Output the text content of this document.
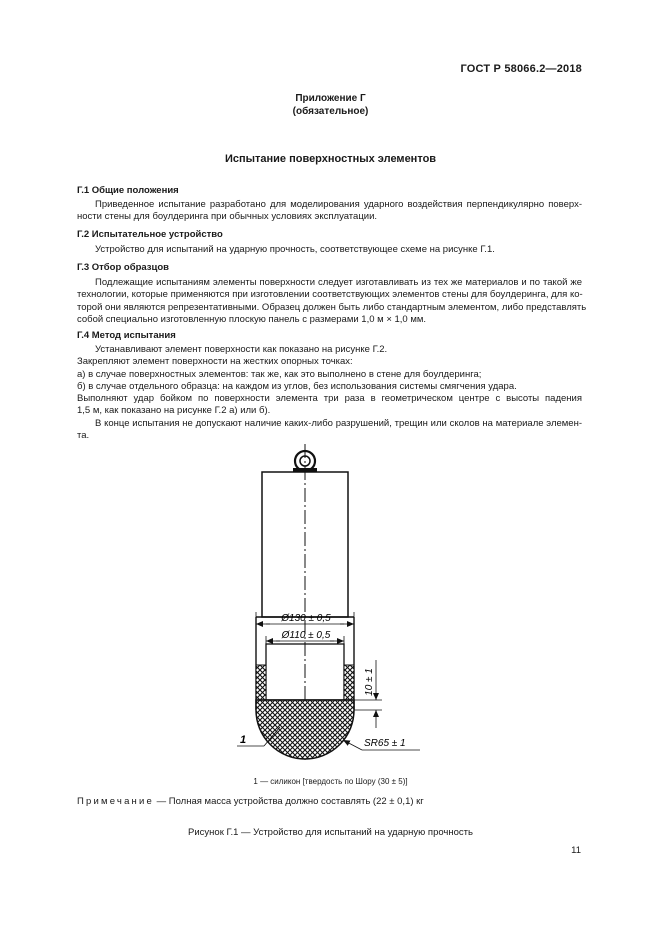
ГОСТ Р 58066.2—2018
Приложение Г
(обязательное)
Испытание поверхностных элементов
Г.1 Общие положения
Приведенное испытание разработано для моделирования ударного воздействия перпендикулярно поверх-
ности стены для боулдеринга при обычных условиях эксплуатации.
Г.2 Испытательное устройство
Устройство для испытаний на ударную прочность, соответствующее схеме на рисунке Г.1.
Г.3 Отбор образцов
Подлежащие испытаниям элементы поверхности следует изготавливать из тех же материалов и по такой же
технологии, которые применяются при изготовлении соответствующих элементов стены для боулдеринга, для ко-
торой они являются репрезентативными. Образец должен быть либо стандартным элементом, либо представлять
собой специально изготовленную плоскую панель с размерами 1,0 м × 1,0 мм.
Г.4 Метод испытания
Устанавливают элемент поверхности как показано на рисунке Г.2.
Закрепляют элемент поверхности на жестких опорных точках:
а) в случае поверхностных элементов: так же, как это выполнено в стене для боулдеринга;
б) в случае отдельного образца: на каждом из углов, без использования системы смягчения удара.
Выполняют удар бойком по поверхности элемента три раза в геометрическом центре с высоты падения
1,5 м, как показано на рисунке Г.2 а) или б).
В конце испытания не допускают наличие каких-либо разрушений, трещин или сколов на материале элемен-
та.
Ø130 ± 0,5
Ø110 ± 0,5
10 ± 1
SR65 ± 1
1
1 — силикон [твердость по Шору (30 ± 5)]
Примечание — Полная масса устройства должно составлять (22 ± 0,1) кг
Рисунок Г.1 — Устройство для испытаний на ударную прочность
11
